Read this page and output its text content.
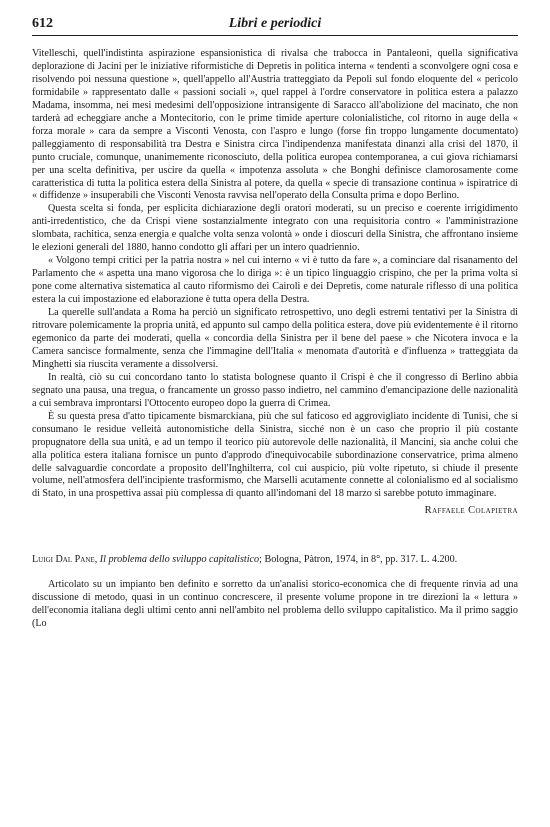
612	Libri e periodici

Vitelleschi, quell'indistinta aspirazione espansionistica di rivalsa che trabocca in Pantaleoni, quella significativa deplorazione di Jacini per le iniziative riformistiche di Depretis in politica interna « tendenti a sconvolgere ogni cosa e risolvendo poi nessuna questione », quell'appello all'Austria tratteggiato da Pepoli sul fondo eloquente del « pericolo formidabile » rappresentato dalle « passioni sociali », quel rappel à l'ordre conservatore in politica estera a palazzo Madama, insomma, nei mesi medesimi dell'opposizione intransigente di Saracco all'abolizione del macinato, che non tarderà ad echeggiare anche a Montecitorio, con le prime timide aperture colonialistiche, col ritorno in auge della « forza morale » cara da sempre a Visconti Venosta, con l'aspro e lungo (forse fin troppo lungamente documentato) palleggiamento di responsabilità tra Destra e Sinistra circa l'indipendenza manifestata dinanzi alla crisi del 1870, il punto cruciale, comunque, unanimemente riconosciuto, della politica europea contemporanea, a cui giova richiamarsi per una scelta definitiva, per uscire da quella « impotenza assoluta » che Bonghi definisce clamorosamente come caratteristica di tutta la politica estera della Sinistra al potere, da quella « specie di transazione continua » ispiratrice di « diffidenze » insuperabili che Visconti Venosta ravvisa nell'operato della Consulta prima e dopo Berlino.

Questa scelta si fonda, per esplicita dichiarazione degli oratori moderati, su un preciso e coerente irrigidimento anti-irredentistico, che da Crispi viene sostanzialmente integrato con una requisitoria contro « l'amministrazione slombata, rachitica, senza energia e qualche volta senza volontà » onde i dioscuri della Sinistra, che affrontano insieme le elezioni generali del 1880, hanno condotto gli affari per un intero quadriennio.

« Volgono tempi critici per la patria nostra » nel cui interno « vi è tutto da fare », a cominciare dal risanamento del Parlamento che « aspetta una mano vigorosa che lo diriga »: è un tipico linguaggio crispino, che per la prima volta si pone come alternativa sistematica al cauto riformismo dei Cairoli e dei Depretis, come naturale riflesso di una politica estera la cui impostazione ed elaborazione è tutta opera della Destra.

La querelle sull'andata a Roma ha perciò un significato retrospettivo, uno degli estremi tentativi per la Sinistra di ritrovare polemicamente la propria unità, ed appunto sul campo della politica estera, dove più evidentemente è il ritorno egemonico da parte dei moderati, quella « concordia della Sinistra per il bene del paese » che Nicotera invoca e la Camera sancisce formalmente, senza che l'immagine dell'Italia « menomata d'autorità e d'influenza » tratteggiata da Minghetti sia riuscita veramente a dissolversi.

In realtà, ciò su cui concordano tanto lo statista bolognese quanto il Crispi è che il congresso di Berlino abbia segnato una pausa, una tregua, o francamente un grosso passo indietro, nel cammino d'emancipazione delle nazionalità a cui sembrava improntarsi l'Ottocento europeo dopo la guerra di Crimea.

È su questa presa d'atto tipicamente bismarckiana, più che sul faticoso ed aggrovigliato incidente di Tunisi, che si consumano le residue velleità autonomistiche della Sinistra, sicché non è un caso che proprio il più costante propugnatore della sua unità, e ad un tempo il teorico più autorevole delle nazionalità, il Mancini, sia anche colui che alla politica estera italiana fornisce un punto d'approdo d'inequivocabile subordinazione conservatrice, prima almeno delle salvaguardie concordate a proposito dell'Inghilterra, col cui auspicio, più volte ripetuto, si chiude il presente volume, nell'atmosfera dell'incipiente trasformismo, che Marselli acutamente connette al colonialismo ed al socialismo di Stato, in una prospettiva assai più complessa di quanto all'indomani del 18 marzo si sarebbe potuto immaginare.

Raffaele Colapietra
Luigi Dal Pane, Il problema dello sviluppo capitalistico; Bologna, Pàtron, 1974, in 8°, pp. 317. L. 4.200.

Articolato su un impianto ben definito e sorretto da un'analisi storico-economica che di frequente rinvia ad una discussione di metodo, quasi in un continuo concrescere, il presente volume propone in tre direzioni la « lettura » dell'economia italiana degli ultimi cento anni nell'ambito nel problema dello sviluppo capitalistico. Ma il primo saggio (Lo
